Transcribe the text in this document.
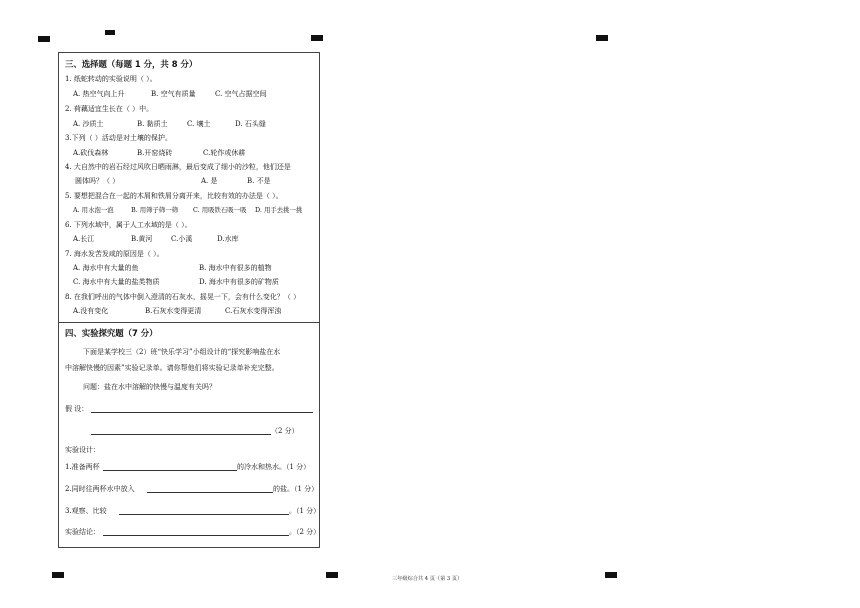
三、选择题（每题 1 分，共 8 分）
1. 纸蛇转动的实验说明（ ）。
A. 热空气向上升	B. 空气有质量	C. 空气占据空间
2. 荷藕适宜生长在（ ）中。
A. 沙质土	B. 黏质土	C. 壤土	D. 石头缝
3.下列（ ）活动是对土壤的保护。
A.砍伐森林	B.开窑烧砖	C.轮作或休耕
4. 大自然中的岩石经过风吹日晒雨淋，最后变成了细小的沙粒，他们还是
圆体吗？（ ）	A. 是	B. 不是
5. 要想把混合在一起的木屑和铁屑分离开来，比较有效的办法是（ ）。
A. 用水泡一泡	B. 用筛子筛一筛 C. 用吸铁石吸一吸 D. 用手去挑一挑
6. 下列水域中，属于人工水域的是（ ）。
A.长江	B.黄河	C.小溪	D.水库
7. 海水发苦发咸的原因是（ ）。
A. 海水中有大量的鱼	B. 海水中有很多的植物
C. 海水中有大量的盐类物质	D. 海水中有很多的矿物质
8. 在我们呼出的气体中倒入澄清的石灰水，摇晃一下，会有什么变化？（ ）
A.没有变化	B.石灰水变得更清	C.石灰水变得浑浊
四、实验探究题（7 分）
下面是某学校三（2）班“快乐学习”小组设计的“探究影响盐在水
中溶解快慢的因素”实验记录单。请你帮他们将实验记录单补充完整。
问题：盐在水中溶解的快慢与温度有关吗？
假 设：
（2 分）
实验设计：
1.准备两杯	的冷水和热水。（1 分）
2.同时往两杯水中放入	的盐。（1 分）
3.观察、比较	。（1 分）
实验结论：	。（2 分）
三年级综合共 4 页（第 3 页）
